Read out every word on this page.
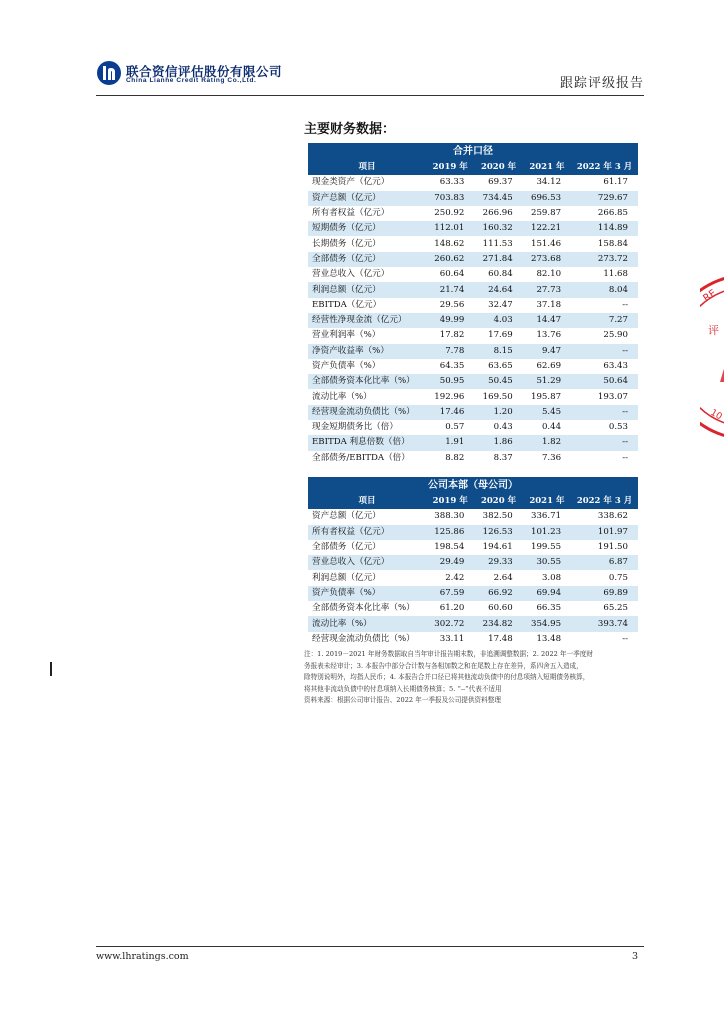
联合资信评估股份有限公司
China Lianhe Credit Rating Co.,Ltd.	跟踪评级报告
主要财务数据：
合并口径				
项目	2019 年	2020 年	2021 年	2022 年 3 月
现金类资产（亿元）	63.33	69.37	34.12	61.17
资产总额（亿元）	703.83	734.45	696.53	729.67
所有者权益（亿元）	250.92	266.96	259.87	266.85
短期债务（亿元）	112.01	160.32	122.21	114.89
长期债务（亿元）	148.62	111.53	151.46	158.84
全部债务（亿元）	260.62	271.84	273.68	273.72
营业总收入（亿元）	60.64	60.84	82.10	11.68
利润总额（亿元）	21.74	24.64	27.73	8.04
EBITDA（亿元）	29.56	32.47	37.18	--
经营性净现金流（亿元）	49.99	4.03	14.47	7.27
营业利润率（%）	17.82	17.69	13.76	25.90
净资产收益率（%）	7.78	8.15	9.47	--
资产负债率（%）	64.35	63.65	62.69	63.43
全部债务资本化比率（%）	50.95	50.45	51.29	50.64
流动比率（%）	192.96	169.50	195.87	193.07
经营现金流动负债比（%）	17.46	1.20	5.45	--
现金短期债务比（倍）	0.57	0.43	0.44	0.53
EBITDA 利息倍数（倍）	1.91	1.86	1.82	--
全部债务/EBITDA（倍）	8.82	8.37	7.36	--
公司本部（母公司）				
项目	2019 年	2020 年	2021 年	2022 年 3 月
资产总额（亿元）	388.30	382.50	336.71	338.62
所有者权益（亿元）	125.86	126.53	101.23	101.97
全部债务（亿元）	198.54	194.61	199.55	191.50
营业总收入（亿元）	29.49	29.33	30.55	6.87
利润总额（亿元）	2.42	2.64	3.08	0.75
资产负债率（%）	67.59	66.92	69.94	69.89
全部债务资本化比率（%）	61.20	60.60	66.35	65.25
流动比率（%）	302.72	234.82	354.95	393.74
经营现金流动负债比（%）	33.11	17.48	13.48	--
注：1. 2019－2021 年财务数据取自当年审计报告期末数，非追溯调整数据；2. 2022 年一季度财
务报表未经审计；3. 本报告中部分合计数与各相加数之和在尾数上存在差异，系四舍五入造成，
除特别说明外，均指人民币；4. 本报告合并口径已将其他流动负债中的付息项纳入短期债务核算，
将其他非流动负债中的付息项纳入长期债务核算；5. “--”代表不适用
资料来源：根据公司审计报告、2022 年一季报及公司提供资料整理
RE
评
10
www.lhratings.com	3
